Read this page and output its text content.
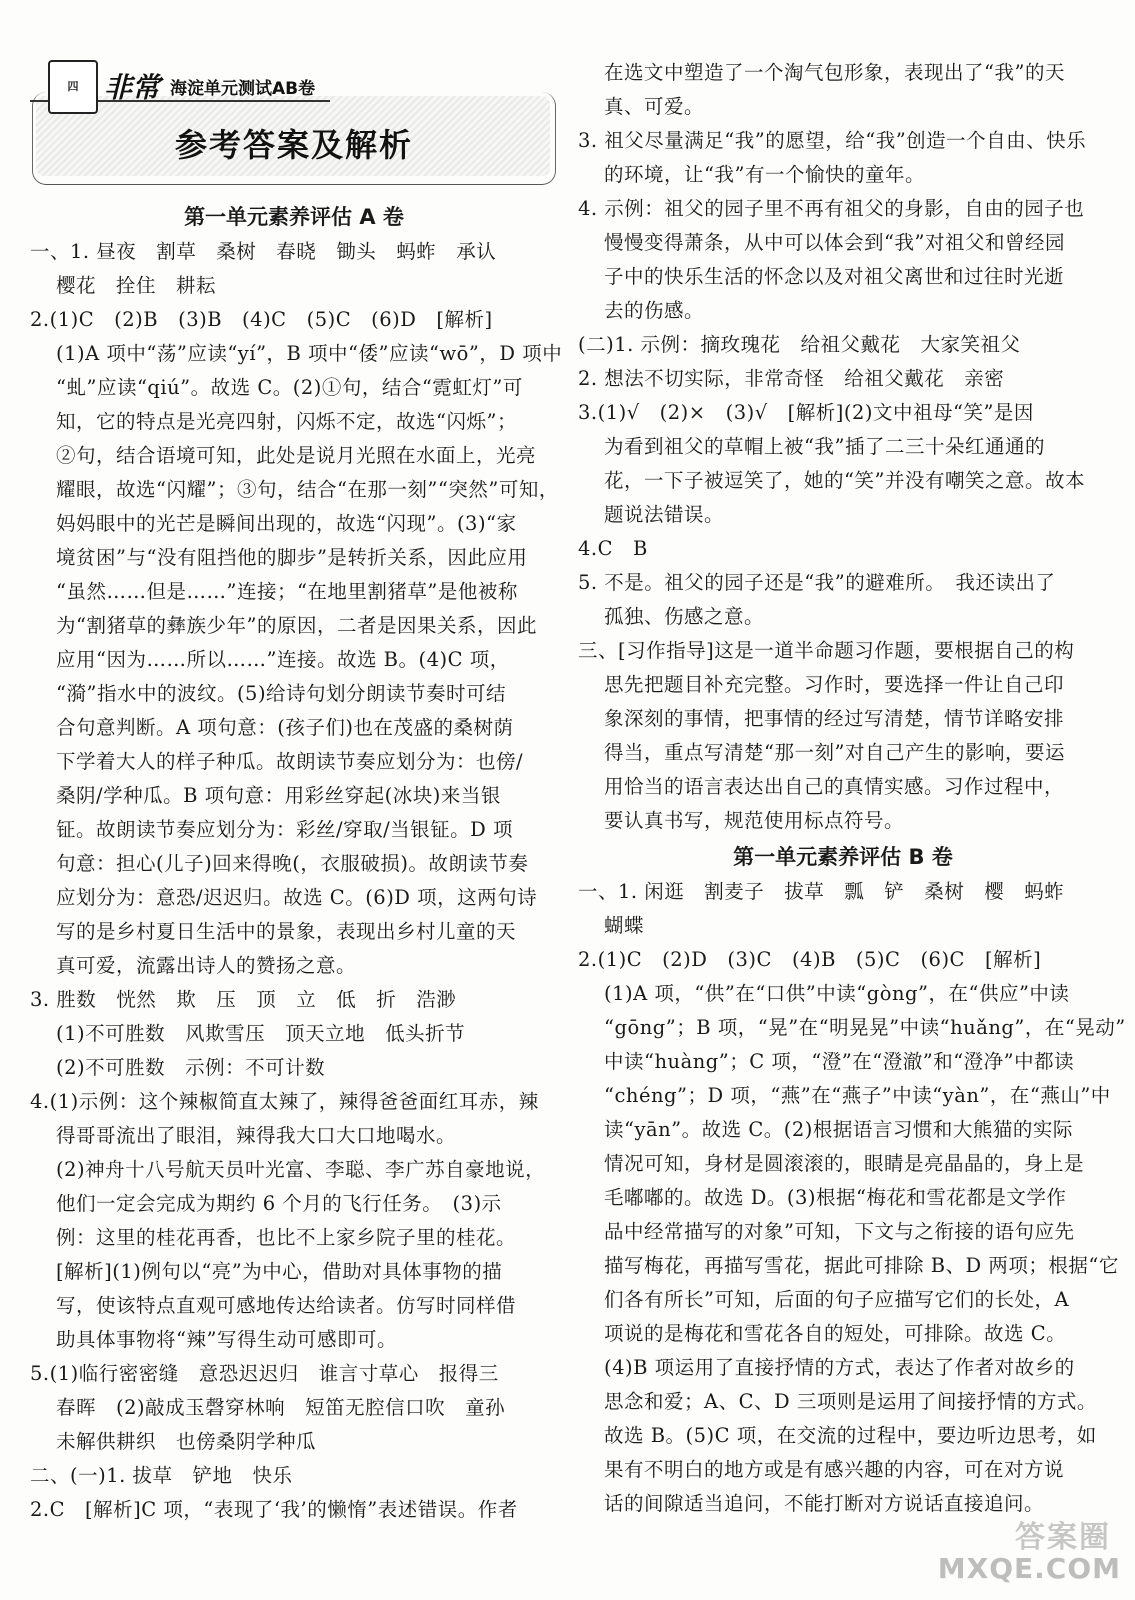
四 非常 海淀单元测试AB卷
参考答案及解析
第一单元素养评估 A 卷
一、1. 昼夜　割草　桑树　春晓　锄头　蚂蚱　承认
樱花　拴住　耕耘
2.(1)C　(2)B　(3)B　(4)C　(5)C　(6)D　[解析]
(1)A 项中“荡”应读“yí”，B 项中“倭”应读“wō”，D 项中
“虬”应读“qiú”。故选 C。(2)①句，结合“霓虹灯”可
知，它的特点是光亮四射，闪烁不定，故选“闪烁”；
②句，结合语境可知，此处是说月光照在水面上，光亮
耀眼，故选“闪耀”；③句，结合“在那一刻”“突然”可知，
妈妈眼中的光芒是瞬间出现的，故选“闪现”。(3)“家
境贫困”与“没有阻挡他的脚步”是转折关系，因此应用
“虽然……但是……”连接；“在地里割猪草”是他被称
为“割猪草的彝族少年”的原因，二者是因果关系，因此
应用“因为……所以……”连接。故选 B。(4)C 项，
“漪”指水中的波纹。(5)给诗句划分朗读节奏时可结
合句意判断。A 项句意：(孩子们)也在茂盛的桑树荫
下学着大人的样子种瓜。故朗读节奏应划分为：也傍/
桑阴/学种瓜。B 项句意：用彩丝穿起(冰块)来当银
钲。故朗读节奏应划分为：彩丝/穿取/当银钲。D 项
句意：担心(儿子)回来得晚(，衣服破损)。故朗读节奏
应划分为：意恐/迟迟归。故选 C。(6)D 项，这两句诗
写的是乡村夏日生活中的景象，表现出乡村儿童的天
真可爱，流露出诗人的赞扬之意。
3. 胜数　恍然　欺　压　顶　立　低　折　浩渺
(1)不可胜数　风欺雪压　顶天立地　低头折节
(2)不可胜数　示例：不可计数
4.(1)示例：这个辣椒简直太辣了，辣得爸爸面红耳赤，辣
得哥哥流出了眼泪，辣得我大口大口地喝水。
(2)神舟十八号航天员叶光富、李聪、李广苏自豪地说，
他们一定会完成为期约 6 个月的飞行任务。　(3)示
例：这里的桂花再香，也比不上家乡院子里的桂花。
[解析](1)例句以“亮”为中心，借助对具体事物的描
写，使该特点直观可感地传达给读者。仿写时同样借
助具体事物将“辣”写得生动可感即可。
5.(1)临行密密缝　意恐迟迟归　谁言寸草心　报得三
春晖　(2)敲成玉磬穿林响　短笛无腔信口吹　童孙
未解供耕织　也傍桑阴学种瓜
二、(一)1. 拔草　铲地　快乐
2.C　[解析]C 项，“表现了‘我’的懒惰”表述错误。作者
在选文中塑造了一个淘气包形象，表现出了“我”的天
真、可爱。
3. 祖父尽量满足“我”的愿望，给“我”创造一个自由、快乐
的环境，让“我”有一个愉快的童年。
4. 示例：祖父的园子里不再有祖父的身影，自由的园子也
慢慢变得萧条，从中可以体会到“我”对祖父和曾经园
子中的快乐生活的怀念以及对祖父离世和过往时光逝
去的伤感。
(二)1. 示例：摘玫瑰花　给祖父戴花　大家笑祖父
2. 想法不切实际，非常奇怪　给祖父戴花　亲密
3.(1)√　(2)×　(3)√　[解析](2)文中祖母“笑”是因
为看到祖父的草帽上被“我”插了二三十朵红通通的
花，一下子被逗笑了，她的“笑”并没有嘲笑之意。故本
题说法错误。
4.C　B
5. 不是。祖父的园子还是“我”的避难所。　我还读出了
孤独、伤感之意。
三、[习作指导]这是一道半命题习作题，要根据自己的构
思先把题目补充完整。习作时，要选择一件让自己印
象深刻的事情，把事情的经过写清楚，情节详略安排
得当，重点写清楚“那一刻”对自己产生的影响，要运
用恰当的语言表达出自己的真情实感。习作过程中，
要认真书写，规范使用标点符号。
第一单元素养评估 B 卷
一、1. 闲逛　割麦子　拔草　瓢　铲　桑树　樱　蚂蚱
蝴蝶
2.(1)C　(2)D　(3)C　(4)B　(5)C　(6)C　[解析]
(1)A 项，“供”在“口供”中读“gòng”，在“供应”中读
“gōng”；B 项，“晃”在“明晃晃”中读“huǎng”，在“晃动”
中读“huàng”；C 项，“澄”在“澄澈”和“澄净”中都读
“chéng”；D 项，“燕”在“燕子”中读“yàn”，在“燕山”中
读“yān”。故选 C。(2)根据语言习惯和大熊猫的实际
情况可知，身材是圆滚滚的，眼睛是亮晶晶的，身上是
毛嘟嘟的。故选 D。(3)根据“梅花和雪花都是文学作
品中经常描写的对象”可知，下文与之衔接的语句应先
描写梅花，再描写雪花，据此可排除 B、D 两项；根据“它
们各有所长”可知，后面的句子应描写它们的长处，A
项说的是梅花和雪花各自的短处，可排除。故选 C。
(4)B 项运用了直接抒情的方式，表达了作者对故乡的
思念和爱；A、C、D 三项则是运用了间接抒情的方式。
故选 B。(5)C 项，在交流的过程中，要边听边思考，如
果有不明白的地方或是有感兴趣的内容，可在对方说
话的间隙适当追问，不能打断对方说话直接追问。
答案圈
MXQE.COM
